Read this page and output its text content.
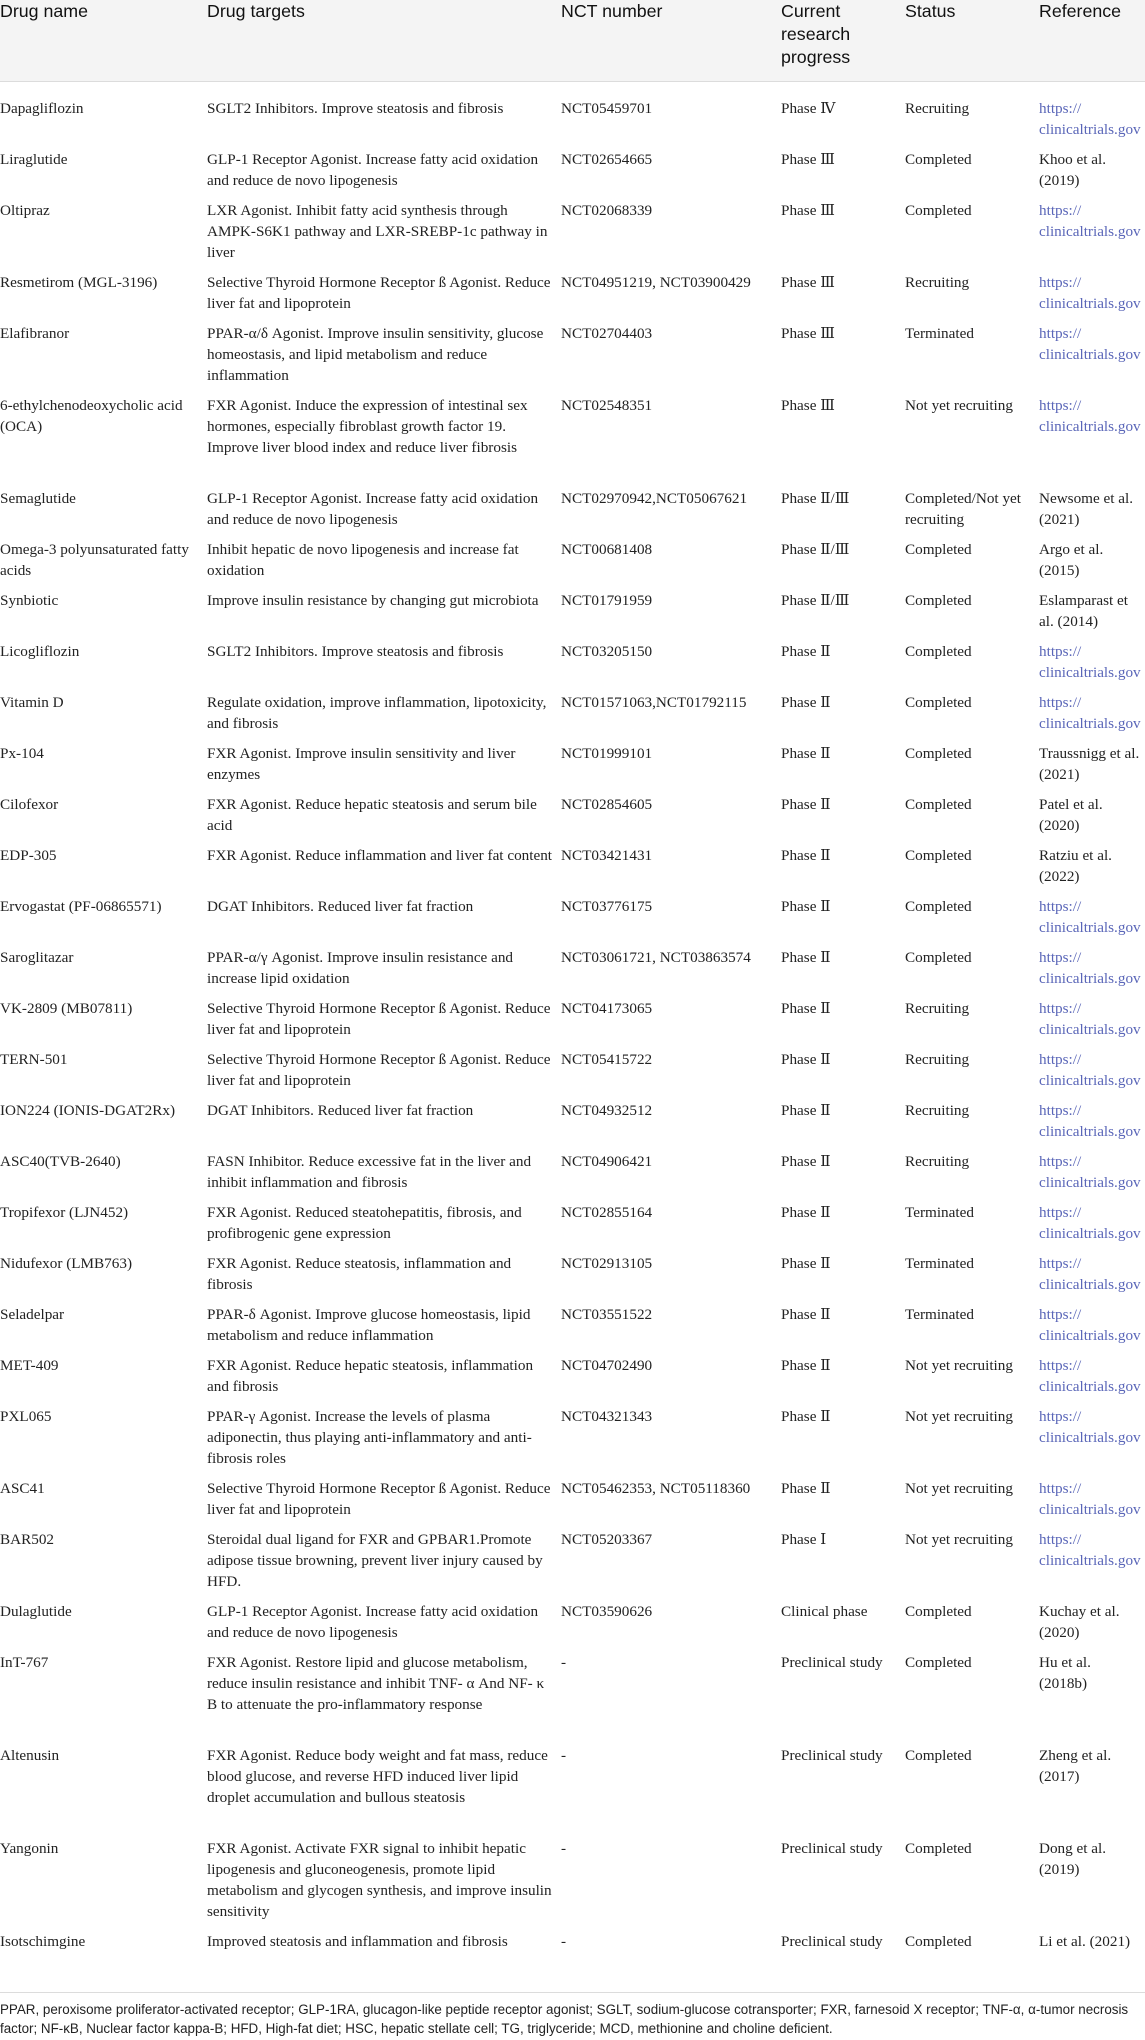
Drug name	Drug targets	NCT number	Current research progress	Status	Reference
Dapagliflozin	SGLT2 Inhibitors. Improve steatosis and fibrosis	NCT05459701	Phase Ⅳ	Recruiting	https:// clinicaltrials.gov
Liraglutide	GLP-1 Receptor Agonist. Increase fatty acid oxidation and reduce de novo lipogenesis	NCT02654665	Phase Ⅲ	Completed	Khoo et al. (2019)
Oltipraz	LXR Agonist. Inhibit fatty acid synthesis through AMPK-S6K1 pathway and LXR-SREBP-1c pathway in liver	NCT02068339	Phase Ⅲ	Completed	https:// clinicaltrials.gov
Resmetirom (MGL-3196)	Selective Thyroid Hormone Receptor ß Agonist. Reduce liver fat and lipoprotein	NCT04951219, NCT03900429	Phase Ⅲ	Recruiting	https:// clinicaltrials.gov
Elafibranor	PPAR-α/δ Agonist. Improve insulin sensitivity, glucose homeostasis, and lipid metabolism and reduce inflammation	NCT02704403	Phase Ⅲ	Terminated	https:// clinicaltrials.gov
6-ethylchenodeoxycholic acid (OCA)	FXR Agonist. Induce the expression of intestinal sex hormones, especially fibroblast growth factor 19. Improve liver blood index and reduce liver fibrosis	NCT02548351	Phase Ⅲ	Not yet recruiting	https:// clinicaltrials.gov
Semaglutide	GLP-1 Receptor Agonist. Increase fatty acid oxidation and reduce de novo lipogenesis	NCT02970942,NCT05067621	Phase Ⅱ/Ⅲ	Completed/Not yet recruiting	Newsome et al. (2021)
Omega-3 polyunsaturated fatty acids	Inhibit hepatic de novo lipogenesis and increase fat oxidation	NCT00681408	Phase Ⅱ/Ⅲ	Completed	Argo et al. (2015)
Synbiotic	Improve insulin resistance by changing gut microbiota	NCT01791959	Phase Ⅱ/Ⅲ	Completed	Eslamparast et al. (2014)
Licogliflozin	SGLT2 Inhibitors. Improve steatosis and fibrosis	NCT03205150	Phase Ⅱ	Completed	https:// clinicaltrials.gov
Vitamin D	Regulate oxidation, improve inflammation, lipotoxicity, and fibrosis	NCT01571063,NCT01792115	Phase Ⅱ	Completed	https:// clinicaltrials.gov
Px-104	FXR Agonist. Improve insulin sensitivity and liver enzymes	NCT01999101	Phase Ⅱ	Completed	Traussnigg et al. (2021)
Cilofexor	FXR Agonist. Reduce hepatic steatosis and serum bile acid	NCT02854605	Phase Ⅱ	Completed	Patel et al. (2020)
EDP-305	FXR Agonist. Reduce inflammation and liver fat content	NCT03421431	Phase Ⅱ	Completed	Ratziu et al. (2022)
Ervogastat (PF-06865571)	DGAT Inhibitors. Reduced liver fat fraction	NCT03776175	Phase Ⅱ	Completed	https:// clinicaltrials.gov
Saroglitazar	PPAR-α/γ Agonist. Improve insulin resistance and increase lipid oxidation	NCT03061721, NCT03863574	Phase Ⅱ	Completed	https:// clinicaltrials.gov
VK-2809 (MB07811)	Selective Thyroid Hormone Receptor ß Agonist. Reduce liver fat and lipoprotein	NCT04173065	Phase Ⅱ	Recruiting	https:// clinicaltrials.gov
TERN-501	Selective Thyroid Hormone Receptor ß Agonist. Reduce liver fat and lipoprotein	NCT05415722	Phase Ⅱ	Recruiting	https:// clinicaltrials.gov
ION224 (IONIS-DGAT2Rx)	DGAT Inhibitors. Reduced liver fat fraction	NCT04932512	Phase Ⅱ	Recruiting	https:// clinicaltrials.gov
ASC40(TVB-2640)	FASN Inhibitor. Reduce excessive fat in the liver and inhibit inflammation and fibrosis	NCT04906421	Phase Ⅱ	Recruiting	https:// clinicaltrials.gov
Tropifexor (LJN452)	FXR Agonist. Reduced steatohepatitis, fibrosis, and profibrogenic gene expression	NCT02855164	Phase Ⅱ	Terminated	https:// clinicaltrials.gov
Nidufexor (LMB763)	FXR Agonist. Reduce steatosis, inflammation and fibrosis	NCT02913105	Phase Ⅱ	Terminated	https:// clinicaltrials.gov
Seladelpar	PPAR-δ Agonist. Improve glucose homeostasis, lipid metabolism and reduce inflammation	NCT03551522	Phase Ⅱ	Terminated	https:// clinicaltrials.gov
MET-409	FXR Agonist. Reduce hepatic steatosis, inflammation and fibrosis	NCT04702490	Phase Ⅱ	Not yet recruiting	https:// clinicaltrials.gov
PXL065	PPAR-γ Agonist. Increase the levels of plasma adiponectin, thus playing anti-inflammatory and anti-fibrosis roles	NCT04321343	Phase Ⅱ	Not yet recruiting	https:// clinicaltrials.gov
ASC41	Selective Thyroid Hormone Receptor ß Agonist. Reduce liver fat and lipoprotein	NCT05462353, NCT05118360	Phase Ⅱ	Not yet recruiting	https:// clinicaltrials.gov
BAR502	Steroidal dual ligand for FXR and GPBAR1.Promote adipose tissue browning, prevent liver injury caused by HFD.	NCT05203367	Phase Ⅰ	Not yet recruiting	https:// clinicaltrials.gov
Dulaglutide	GLP-1 Receptor Agonist. Increase fatty acid oxidation and reduce de novo lipogenesis	NCT03590626	Clinical phase	Completed	Kuchay et al. (2020)
InT-767	FXR Agonist. Restore lipid and glucose metabolism, reduce insulin resistance and inhibit TNF- α And NF- κ B to attenuate the pro-inflammatory response	-	Preclinical study	Completed	Hu et al. (2018b)
Altenusin	FXR Agonist. Reduce body weight and fat mass, reduce blood glucose, and reverse HFD induced liver lipid droplet accumulation and bullous steatosis	-	Preclinical study	Completed	Zheng et al. (2017)
Yangonin	FXR Agonist. Activate FXR signal to inhibit hepatic lipogenesis and gluconeogenesis, promote lipid metabolism and glycogen synthesis, and improve insulin sensitivity	-	Preclinical study	Completed	Dong et al. (2019)
Isotschimgine	Improved steatosis and inflammation and fibrosis	-	Preclinical study	Completed	Li et al. (2021)
PPAR, peroxisome proliferator-activated receptor; GLP-1RA, glucagon-like peptide receptor agonist; SGLT, sodium-glucose cotransporter; FXR, farnesoid X receptor; TNF-α, α-tumor necrosis factor; NF-κB, Nuclear factor kappa-B; HFD, High-fat diet; HSC, hepatic stellate cell; TG, triglyceride; MCD, methionine and choline deficient.
